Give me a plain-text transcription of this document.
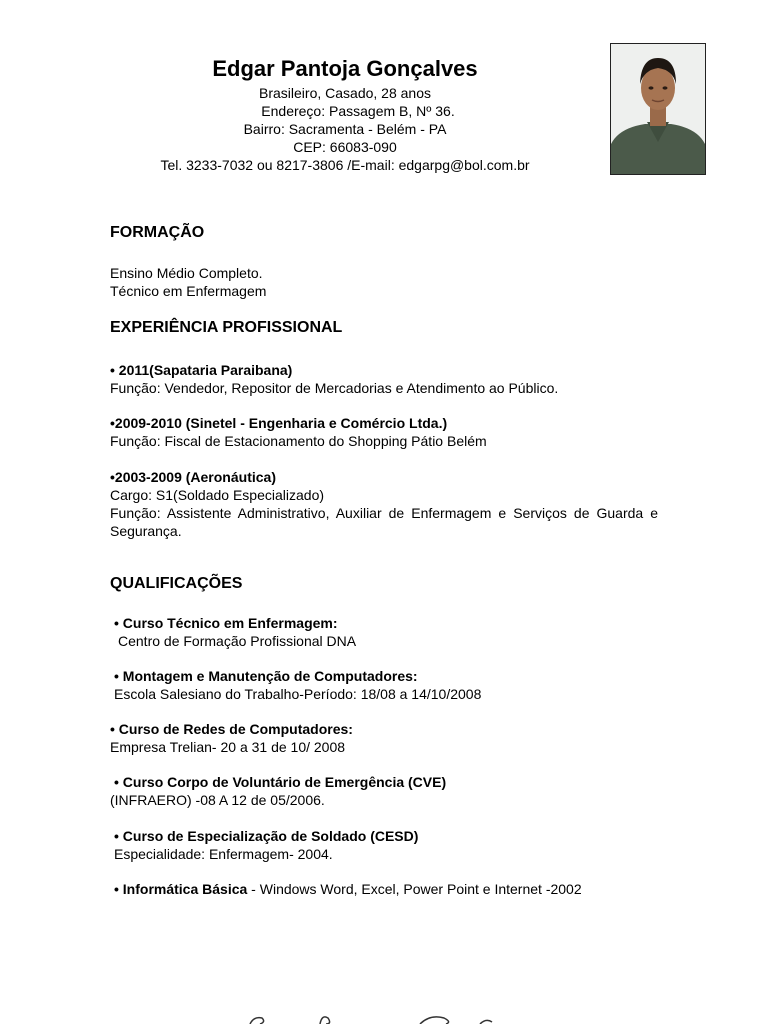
Edgar Pantoja Gonçalves
Brasileiro, Casado, 28 anos
Endereço: Passagem B, Nº 36.
Bairro: Sacramenta - Belém - PA
CEP: 66083-090
Tel. 3233-7032 ou 8217-3806 /E-mail: edgarpg@bol.com.br
FORMAÇÃO
Ensino Médio Completo.
Técnico em Enfermagem
EXPERIÊNCIA PROFISSIONAL
• 2011(Sapataria Paraibana)
Função: Vendedor, Repositor de Mercadorias e Atendimento ao Público.
•2009-2010 (Sinetel - Engenharia e Comércio Ltda.)
Função: Fiscal de Estacionamento do Shopping Pátio Belém
•2003-2009 (Aeronáutica)
Cargo: S1(Soldado Especializado)
Função: Assistente Administrativo, Auxiliar de Enfermagem e Serviços de Guarda e Segurança.
QUALIFICAÇÕES
• Curso Técnico em Enfermagem:
Centro de Formação Profissional DNA
• Montagem e Manutenção de Computadores:
Escola Salesiano do Trabalho-Período: 18/08 a 14/10/2008
• Curso de Redes de Computadores:
Empresa Trelian- 20 a 31 de 10/ 2008
• Curso Corpo de Voluntário de Emergência (CVE)
(INFRAERO) -08 A 12 de 05/2006.
• Curso de Especialização de Soldado (CESD)
Especialidade: Enfermagem- 2004.
• Informática Básica - Windows Word, Excel, Power Point e Internet -2002
